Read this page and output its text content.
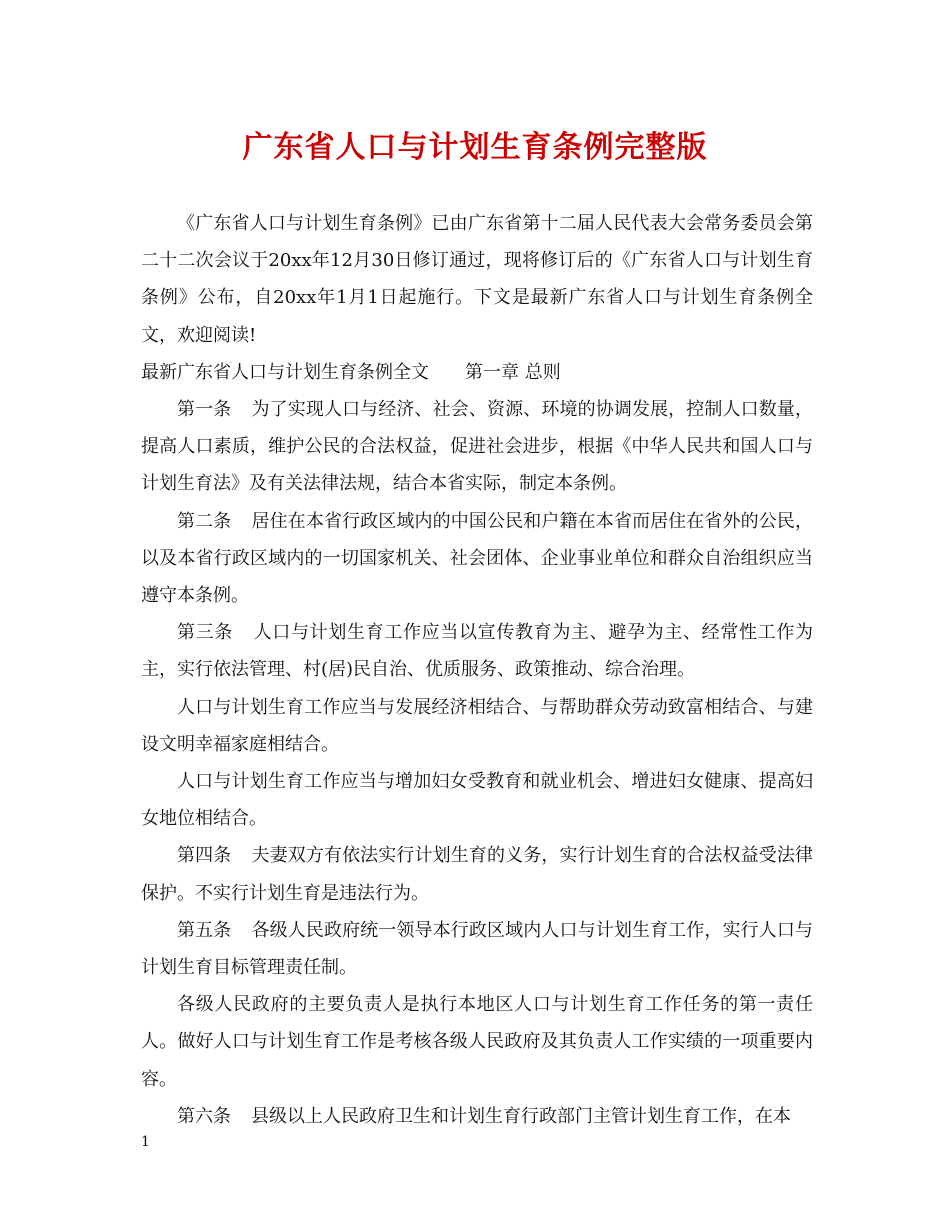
广东省人口与计划生育条例完整版

《广东省人口与计划生育条例》已由广东省第十二届人民代表大会常务委员会第二十二次会议于20xx年12月30日修订通过，现将修订后的《广东省人口与计划生育条例》公布，自20xx年1月1日起施行。下文是最新广东省人口与计划生育条例全文，欢迎阅读!

最新广东省人口与计划生育条例全文 第一章 总则

第一条 为了实现人口与经济、社会、资源、环境的协调发展，控制人口数量，提高人口素质，维护公民的合法权益，促进社会进步，根据《中华人民共和国人口与计划生育法》及有关法律法规，结合本省实际，制定本条例。

第二条 居住在本省行政区域内的中国公民和户籍在本省而居住在省外的公民，以及本省行政区域内的一切国家机关、社会团体、企业事业单位和群众自治组织应当遵守本条例。

第三条 人口与计划生育工作应当以宣传教育为主、避孕为主、经常性工作为主，实行依法管理、村(居)民自治、优质服务、政策推动、综合治理。

人口与计划生育工作应当与发展经济相结合、与帮助群众劳动致富相结合、与建设文明幸福家庭相结合。

人口与计划生育工作应当与增加妇女受教育和就业机会、增进妇女健康、提高妇女地位相结合。

第四条 夫妻双方有依法实行计划生育的义务，实行计划生育的合法权益受法律保护。不实行计划生育是违法行为。

第五条 各级人民政府统一领导本行政区域内人口与计划生育工作，实行人口与计划生育目标管理责任制。

各级人民政府的主要负责人是执行本地区人口与计划生育工作任务的第一责任人。做好人口与计划生育工作是考核各级人民政府及其负责人工作实绩的一项重要内容。

第六条 县级以上人民政府卫生和计划生育行政部门主管计划生育工作，在本

1
